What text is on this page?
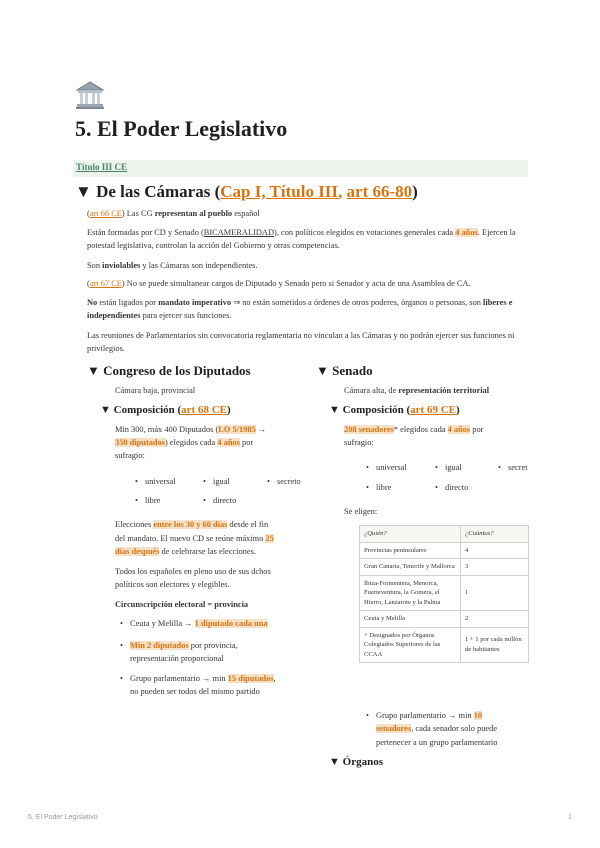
5. El Poder Legislativo
Título III CE
▼ De las Cámaras (Cap I, Título III, art 66-80)
(art 66 CE) Las CG representan al pueblo español
Están formadas por CD y Senado (BICAMERALIDAD), con políticos elegidos en votaciones generales cada 4 años. Ejercen la potestad legislativa, controlan la acción del Gobierno y otras competencias.
Son inviolables y las Cámaras son independientes.
(art 67 CE) No se puede simultanear cargos de Diputado y Senado pero si Senador y acta de una Asamblea de CA.
No están ligados por mandato imperativo ⇒ no están sometidos a órdenes de otros poderes, órganos o personas, son liberes e independientes para ejercer sus funciones.
Las reuniones de Parlamentarios sin convocatoria reglamentaria no vinculan a las Cámaras y no podrán ejercer sus funciones ni privilegios.
▼ Congreso de los Diputados
Cámara baja, provincial
▼ Composición (art 68 CE)
Min 300, máx 400 Diputados (LO 5/1985 →
350 diputados) elegidos cada 4 años por
sufragio:
• universal	• igual	• secreto
• libre	• directo
Elecciones entre los 30 y 60 días desde el fin
del mandato. El nuevo CD se reúne máximo 25
días después de celebrarse las elecciones.
Todos los españoles en pleno uso de sus dchos
políticos son electores y elegibles.
Circunscripción electoral = provincia
• Ceuta y Melilla → 1 diputado cada una
• Min 2 diputados por provincia,
representación proporcional
• Grupo parlamentario → min 15 diputados,
no pueden ser todos del mismo partido
▼ Senado
Cámara alta, de representación territorial
▼ Composición (art 69 CE)
208 senadores* elegidos cada 4 años por
sufragio:
• universal	• igual	• secret
• libre	• directo
Se eligen:
¿Quién?	¿Cuántos?
Provincias peninsulares	4
Gran Canaria, Tenerife y Mallorca	3
Ibiza-Formentera, Menorca, Fuerteventura, la Gomera, el Hierro, Lanzarote y la Palma	1
Ceuta y Melilla	2
+ Designados por Órganos Colegiados Superiores de las CCAA	1 + 1 por cada millón de habitantes
• Grupo parlamentario → min 10
senadores, cada senador solo puede
pertenecer a un grupo parlamentario
▼ Órganos
5. El Poder Legislativo	1
